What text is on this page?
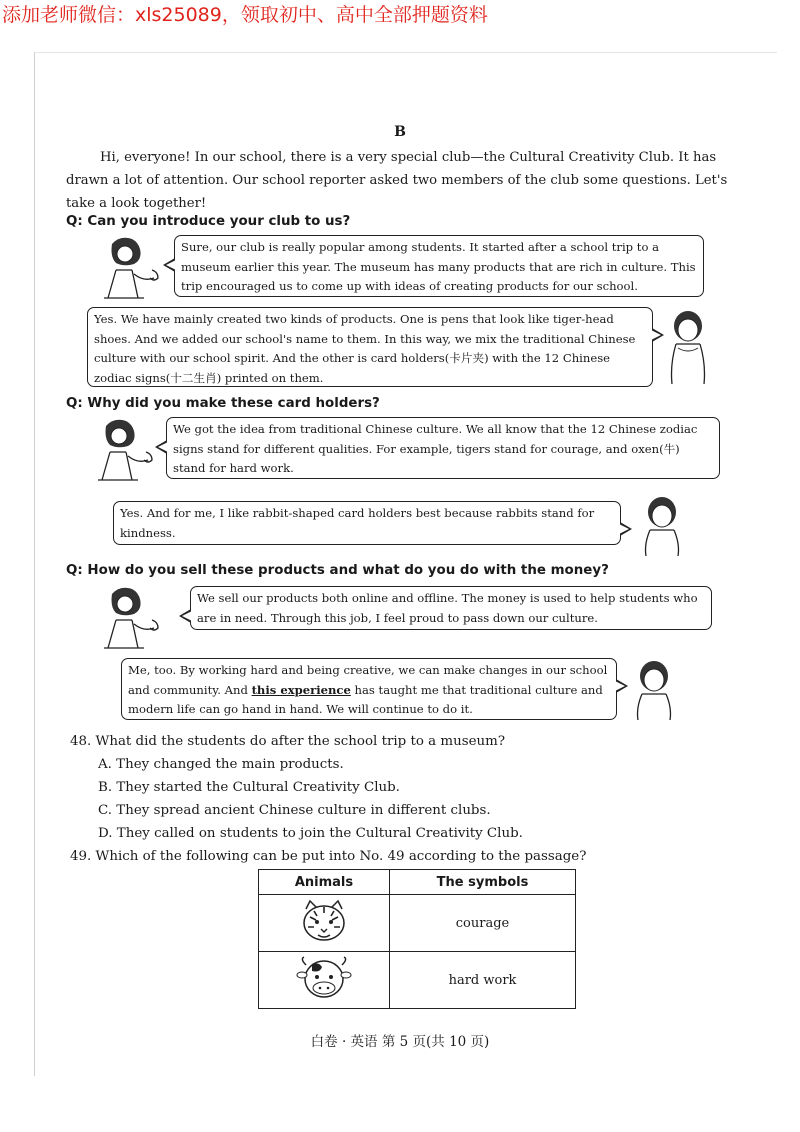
添加老师微信：xls25089，领取初中、高中全部押题资料
B
Hi, everyone! In our school, there is a very special club—the Cultural Creativity Club. It has drawn a lot of attention. Our school reporter asked two members of the club some questions. Let's take a look together!
Q: Can you introduce your club to us?
Sure, our club is really popular among students. It started after a school trip to a museum earlier this year. The museum has many products that are rich in culture. This trip encouraged us to come up with ideas of creating products for our school.
Yes. We have mainly created two kinds of products. One is pens that look like tiger-head shoes. And we added our school's name to them. In this way, we mix the traditional Chinese culture with our school spirit. And the other is card holders(卡片夹) with the 12 Chinese zodiac signs(十二生肖) printed on them.
Q: Why did you make these card holders?
We got the idea from traditional Chinese culture. We all know that the 12 Chinese zodiac signs stand for different qualities. For example, tigers stand for courage, and oxen(牛) stand for hard work.
Yes. And for me, I like rabbit-shaped card holders best because rabbits stand for kindness.
Q: How do you sell these products and what do you do with the money?
We sell our products both online and offline. The money is used to help students who are in need. Through this job, I feel proud to pass down our culture.
Me, too. By working hard and being creative, we can make changes in our school and community. And this experience has taught me that traditional culture and modern life can go hand in hand. We will continue to do it.
48. What did the students do after the school trip to a museum?
A. They changed the main products.
B. They started the Cultural Creativity Club.
C. They spread ancient Chinese culture in different clubs.
D. They called on students to join the Cultural Creativity Club.
49. Which of the following can be put into No. 49 according to the passage?
Animals	The symbols
	courage
	hard work
白卷 · 英语 第 5 页(共 10 页)
